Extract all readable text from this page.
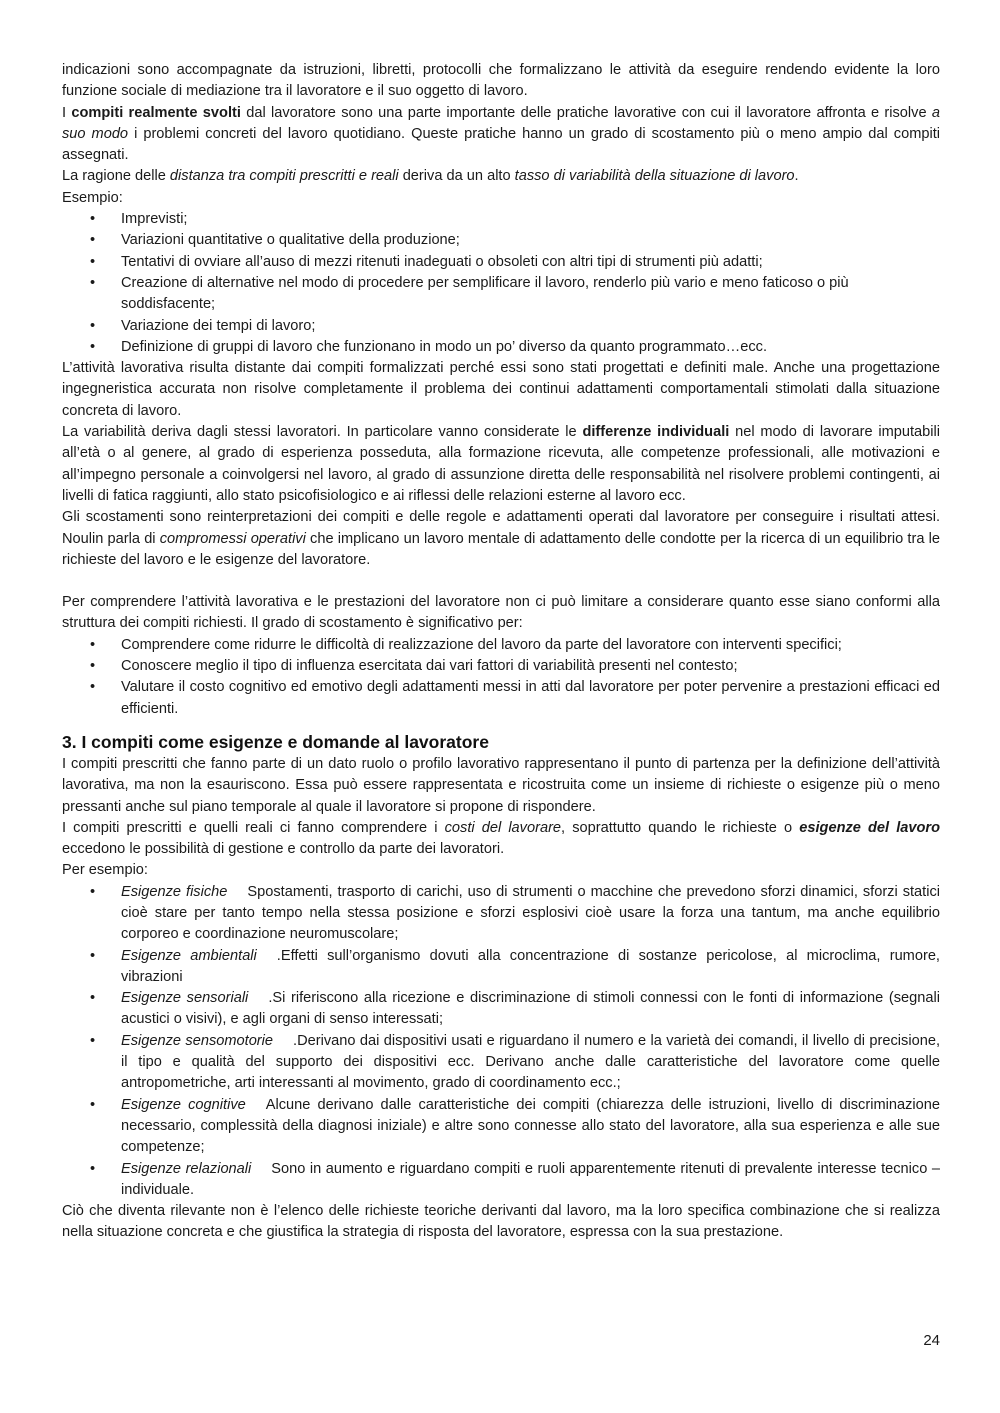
indicazioni sono accompagnate da istruzioni, libretti, protocolli che formalizzano le attività da eseguire rendendo evidente la loro funzione sociale di mediazione tra il lavoratore e il suo oggetto di lavoro.

I compiti realmente svolti dal lavoratore sono una parte importante delle pratiche lavorative con cui il lavoratore affronta e risolve a suo modo i problemi concreti del lavoro quotidiano. Queste pratiche hanno un grado di scostamento più o meno ampio dal compiti assegnati.

La ragione delle distanza tra compiti prescritti e reali deriva da un alto tasso di variabilità della situazione di lavoro.

Esempio:

• Imprevisti;
• Variazioni quantitative o qualitative della produzione;
• Tentativi di ovviare all’auso di mezzi ritenuti inadeguati o obsoleti con altri tipi di strumenti più adatti;
• Creazione di alternative nel modo di procedere per semplificare il lavoro, renderlo più vario e meno faticoso o più soddisfacente;
• Variazione dei tempi di lavoro;
• Definizione di gruppi di lavoro che funzionano in modo un po’ diverso da quanto programmato…ecc.

L’attività lavorativa risulta distante dai compiti formalizzati perché essi sono stati progettati e definiti male. Anche una progettazione ingegneristica accurata non risolve completamente il problema dei continui adattamenti comportamentali stimolati dalla situazione concreta di lavoro.

La variabilità deriva dagli stessi lavoratori. In particolare vanno considerate le differenze individuali nel modo di lavorare imputabili all’età o al genere, al grado di esperienza posseduta, alla formazione ricevuta, alle competenze professionali, alle motivazioni e all’impegno personale a coinvolgersi nel lavoro, al grado di assunzione diretta delle responsabilità nel risolvere problemi contingenti, ai livelli di fatica raggiunti, allo stato psicofisiologico e ai riflessi delle relazioni esterne al lavoro ecc.

Gli scostamenti sono reinterpretazioni dei compiti e delle regole e adattamenti operati dal lavoratore per conseguire i risultati attesi. Noulin parla di compromessi operativi che implicano un lavoro mentale di adattamento delle condotte per la ricerca di un equilibrio tra le richieste del lavoro e le esigenze del lavoratore.

Per comprendere l’attività lavorativa e le prestazioni del lavoratore non ci può limitare a considerare quanto esse siano conformi alla struttura dei compiti richiesti. Il grado di scostamento è significativo per:

• Comprendere come ridurre le difficoltà di realizzazione del lavoro da parte del lavoratore con interventi specifici;
• Conoscere meglio il tipo di influenza esercitata dai vari fattori di variabilità presenti nel contesto;
• Valutare il costo cognitivo ed emotivo degli adattamenti messi in atti dal lavoratore per poter pervenire a prestazioni efficaci ed efficienti.
3. I compiti come esigenze e domande al lavoratore

I compiti prescritti che fanno parte di un dato ruolo o profilo lavorativo rappresentano il punto di partenza per la definizione dell’attività lavorativa, ma non la esauriscono. Essa può essere rappresentata e ricostruita come un insieme di richieste o esigenze più o meno pressanti anche sul piano temporale al quale il lavoratore si propone di rispondere.

I compiti prescritti e quelli reali ci fanno comprendere i costi del lavorare, soprattutto quando le richieste o esigenze del lavoro eccedono le possibilità di gestione e controllo da parte dei lavoratori.

Per esempio:

• Esigenze fisiche Spostamenti, trasporto di carichi, uso di strumenti o macchine che prevedono sforzi dinamici, sforzi statici cioè stare per tanto tempo nella stessa posizione e sforzi esplosivi cioè usare la forza una tantum, ma anche equilibrio corporeo e coordinazione neuromuscolare;
• Esigenze ambientali .Effetti sull’organismo dovuti alla concentrazione di sostanze pericolose, al microclima, rumore, vibrazioni
• Esigenze sensoriali .Si riferiscono alla ricezione e discriminazione di stimoli connessi con le fonti di informazione (segnali acustici o visivi), e agli organi di senso interessati;
• Esigenze sensomotorie .Derivano dai dispositivi usati e riguardano il numero e la varietà dei comandi, il livello di precisione, il tipo e qualità del supporto dei dispositivi ecc. Derivano anche dalle caratteristiche del lavoratore come quelle antropometriche, arti interessanti al movimento, grado di coordinamento ecc.;
• Esigenze cognitive Alcune derivano dalle caratteristiche dei compiti (chiarezza delle istruzioni, livello di discriminazione necessario, complessità della diagnosi iniziale) e altre sono connesse allo stato del lavoratore, alla sua esperienza e alle sue competenze;
• Esigenze relazionali Sono in aumento e riguardano compiti e ruoli apparentemente ritenuti di prevalente interesse tecnico – individuale.

Ciò che diventa rilevante non è l’elenco delle richieste teoriche derivanti dal lavoro, ma la loro specifica combinazione che si realizza nella situazione concreta e che giustifica la strategia di risposta del lavoratore, espressa con la sua prestazione.

24
